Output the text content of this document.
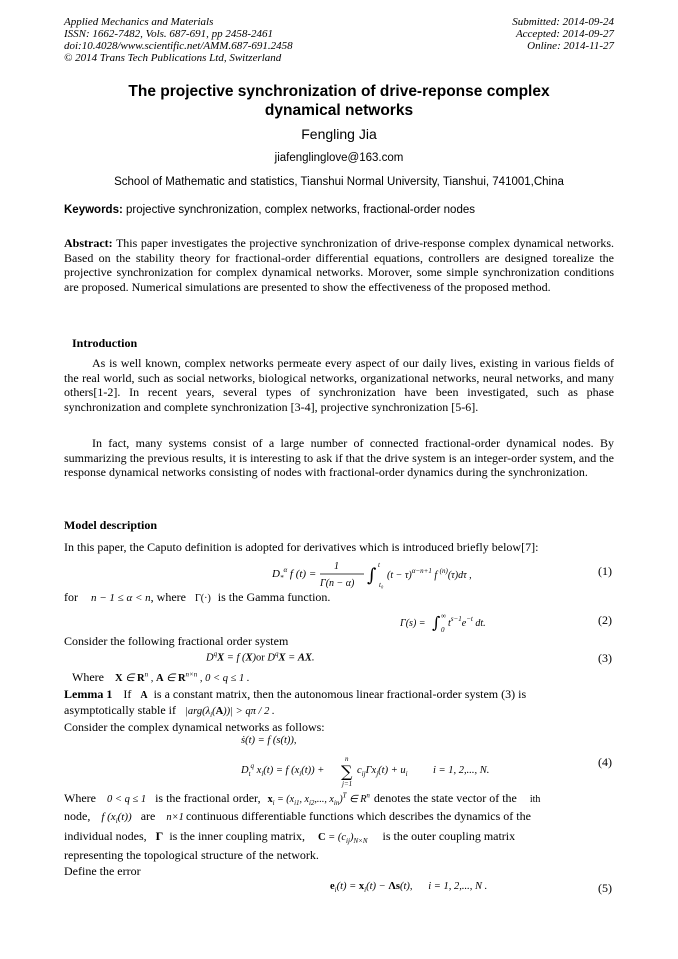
Applied Mechanics and Materials
ISSN: 1662-7482, Vols. 687-691, pp 2458-2461
doi:10.4028/www.scientific.net/AMM.687-691.2458
© 2014 Trans Tech Publications Ltd, Switzerland
Submitted: 2014-09-24
Accepted: 2014-09-27
Online: 2014-11-27
The projective synchronization of drive-reponse complex
dynamical networks
Fengling Jia
jiafenglinglove@163.com
School of Mathematic and statistics, Tianshui Normal University, Tianshui, 741001,China
Keywords: projective synchronization, complex networks, fractional-order nodes
Abstract: This paper investigates the projective synchronization of drive-response complex dynamical networks. Based on the stability theory for fractional-order differential equations, controllers are designed torealize the projective synchronization for complex dynamical networks. Morover, some simple synchronization conditions are proposed. Numerical simulations are presented to show the effectiveness of the proposed method.
Introduction
As is well known, complex networks permeate every aspect of our daily lives, existing in various fields of the real world, such as social networks, biological networks, organizational networks, neural networks, and many others[1-2]. In recent years, several types of synchronization have been investigated, such as phase synchronization and complete synchronization [3-4], projective synchronization [5-6].
In fact, many systems consist of a large number of connected fractional-order dynamical nodes. By summarizing the previous results, it is interesting to ask if that the drive system is an integer-order system, and the response dynamical networks consisting of nodes with fractional-order dynamics during the synchronization.
Model description
In this paper, the Caputo definition is adopted for derivatives which is introduced briefly below[7]:
$D_*^\alpha$ f (t) =
1
Γ(n − α) ∫ t
t₀
$(t - \tau)^{\alpha-n+1}$ f $^{(n)}$(τ)dτ ,	(1)
for n − 1 ≤ α < n, where Γ(·) is the Gamma function.
Γ(s) = ∫ ∞
0
$t^{s-1}e^{-t}$ dt.	(2)
Consider the following fractional order system
$D^qX = f$ (X)or $D^qX$ = AX.	(3)
Where X ∈ $R^n$ , A ∈ $R^{n\times n}$ , 0 < q ≤ 1 .
Lemma 1 If A is a constant matrix, then the autonomous linear fractional-order system (3) is
asymptotically stable if $|arg(\lambda_i(A))| > q\pi / 2$ .
Consider the complex dynamical networks as follows:
ṡ(t) = f (s(t)),
$D_t^q$ $x_i(t) = f$ $(x_i(t))$ + ∑
n
j=1
$c_{ij}\Gamma x_j(t) + u_i$ i = 1, 2,..., N.
(4)
Where 0 < q ≤ 1 is the fractional order, $x_i = (x_{i1}$, $x_{i2}$,..., $x_{in})^T$ ∈ $R^n$ denotes the state vector of the ith
node, f $(x_i(t))$ are n×1 continuous differentiable functions which describes the dynamics of the
individual nodes, Γ is the inner coupling matrix, $C = (c_{ij})_{N\times N}$ is the outer coupling matrix
representing the topological structure of the network.
Define the error
$e_i(t) = x_i(t) - \Lambda s(t)$,      i = 1, 2,..., N .	(5)
